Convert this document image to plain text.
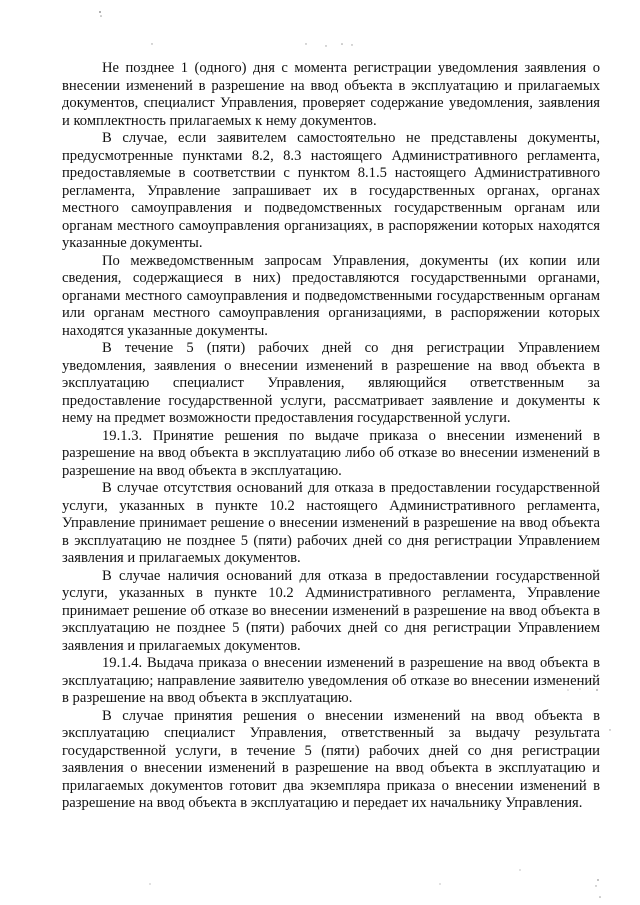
Не позднее 1 (одного) дня с момента регистрации уведомления заявления о внесении изменений в разрешение на ввод объекта в эксплуатацию и прилагаемых документов, специалист Управления, проверяет содержание уведомления, заявления и комплектность прилагаемых к нему документов.

В случае, если заявителем самостоятельно не представлены документы, предусмотренные пунктами 8.2, 8.3 настоящего Административного регламента, предоставляемые в соответствии с пунктом 8.1.5 настоящего Административного регламента, Управление запрашивает их в государственных органах, органах местного самоуправления и подведомственных государственным органам или органам местного самоуправления организациях, в распоряжении которых находятся указанные документы.

По межведомственным запросам Управления, документы (их копии или сведения, содержащиеся в них) предоставляются государственными органами, органами местного самоуправления и подведомственными государственным органам или органам местного самоуправления организациями, в распоряжении которых находятся указанные документы.

В течение 5 (пяти) рабочих дней со дня регистрации Управлением уведомления, заявления о внесении изменений в разрешение на ввод объекта в эксплуатацию специалист Управления, являющийся ответственным за предоставление государственной услуги, рассматривает заявление и документы к нему на предмет возможности предоставления государственной услуги.

19.1.3. Принятие решения по выдаче приказа о внесении изменений в разрешение на ввод объекта в эксплуатацию либо об отказе во внесении изменений в разрешение на ввод объекта в эксплуатацию.

В случае отсутствия оснований для отказа в предоставлении государственной услуги, указанных в пункте 10.2 настоящего Административного регламента, Управление принимает решение о внесении изменений в разрешение на ввод объекта в эксплуатацию не позднее 5 (пяти) рабочих дней со дня регистрации Управлением заявления и прилагаемых документов.

В случае наличия оснований для отказа в предоставлении государственной услуги, указанных в пункте 10.2 Административного регламента, Управление принимает решение об отказе во внесении изменений в разрешение на ввод объекта в эксплуатацию не позднее 5 (пяти) рабочих дней со дня регистрации Управлением заявления и прилагаемых документов.

19.1.4. Выдача приказа о внесении изменений в разрешение на ввод объекта в эксплуатацию; направление заявителю уведомления об отказе во внесении изменений в разрешение на ввод объекта в эксплуатацию.

В случае принятия решения о внесении изменений на ввод объекта в эксплуатацию специалист Управления, ответственный за выдачу результата государственной услуги, в течение 5 (пяти) рабочих дней со дня регистрации заявления о внесении изменений в разрешение на ввод объекта в эксплуатацию и прилагаемых документов готовит два экземпляра приказа о внесении изменений в разрешение на ввод объекта в эксплуатацию и передает их начальнику Управления.
